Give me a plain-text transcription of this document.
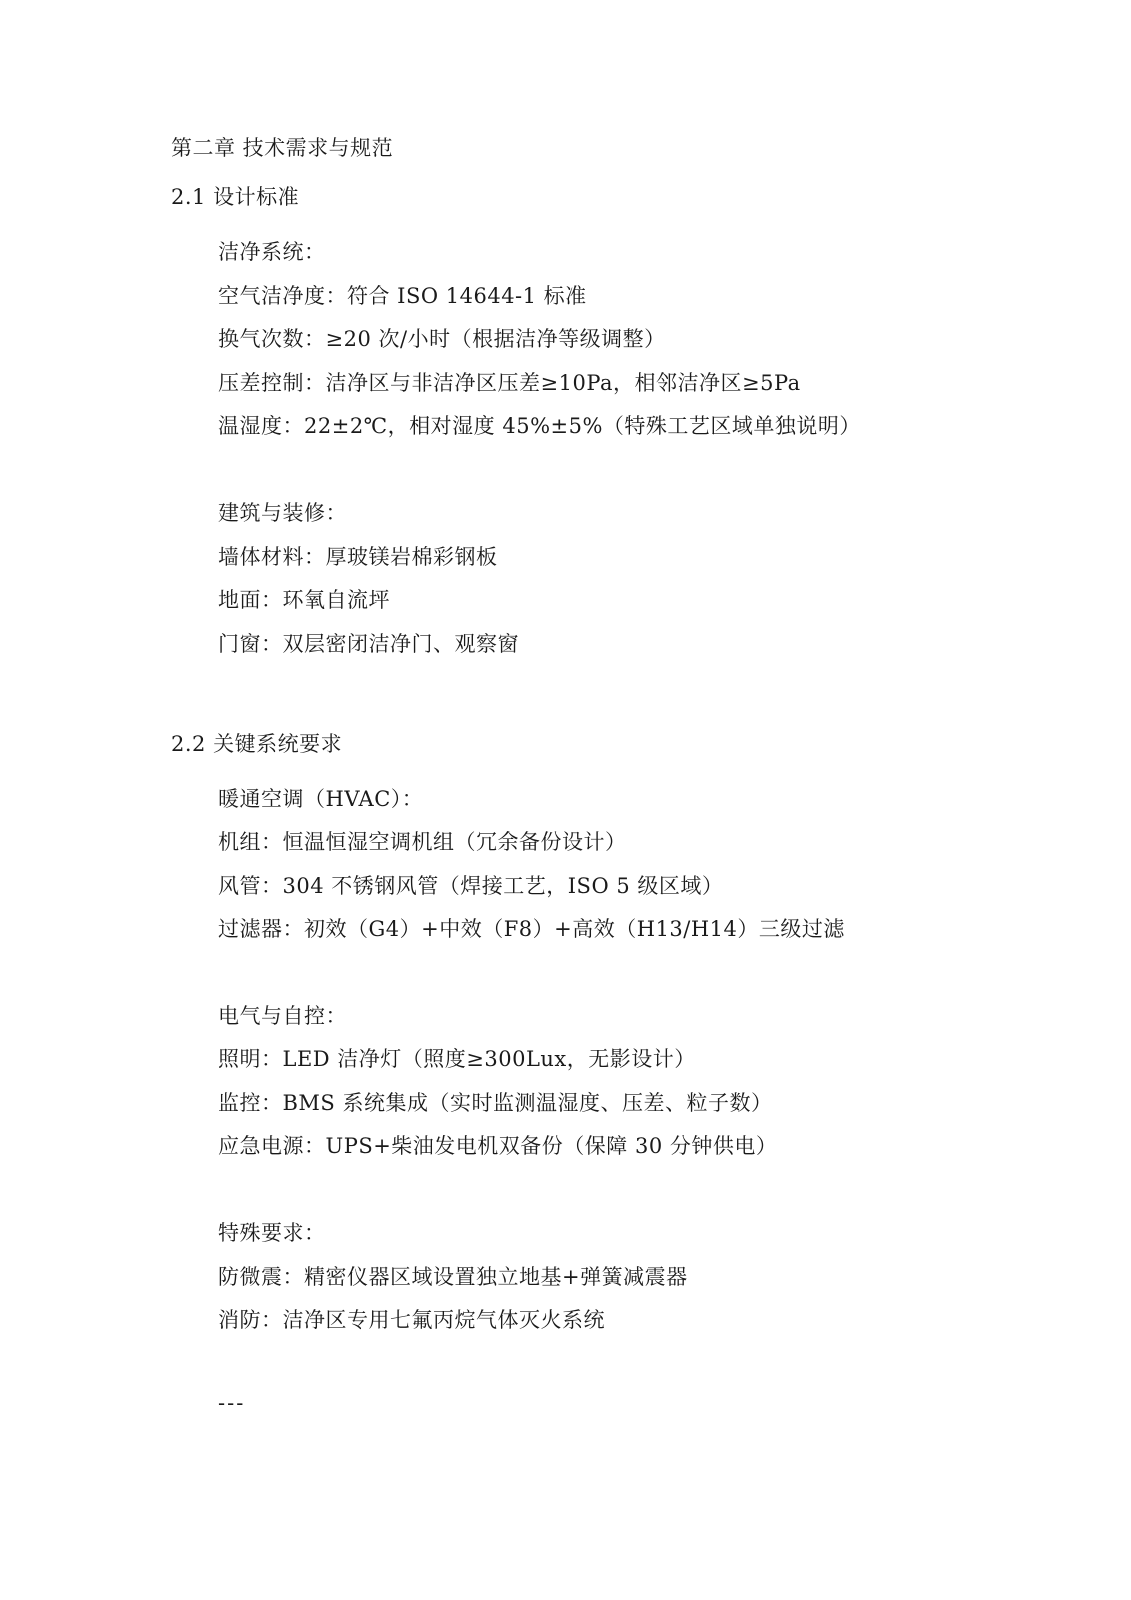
第二章 技术需求与规范
2.1 设计标准
洁净系统：
空气洁净度：符合 ISO 14644-1 标准
换气次数：≥20 次/小时（根据洁净等级调整）
压差控制：洁净区与非洁净区压差≥10Pa，相邻洁净区≥5Pa
温湿度：22±2℃，相对湿度 45%±5%（特殊工艺区域单独说明）
建筑与装修：
墙体材料：厚玻镁岩棉彩钢板
地面：环氧自流坪
门窗：双层密闭洁净门、观察窗
2.2 关键系统要求
暖通空调（HVAC）：
机组：恒温恒湿空调机组（冗余备份设计）
风管：304 不锈钢风管（焊接工艺，ISO 5 级区域）
过滤器：初效（G4）+中效（F8）+高效（H13/H14）三级过滤
电气与自控：
照明：LED 洁净灯（照度≥300Lux，无影设计）
监控：BMS 系统集成（实时监测温湿度、压差、粒子数）
应急电源：UPS+柴油发电机双备份（保障 30 分钟供电）
特殊要求：
防微震：精密仪器区域设置独立地基+弹簧减震器
消防：洁净区专用七氟丙烷气体灭火系统
---
